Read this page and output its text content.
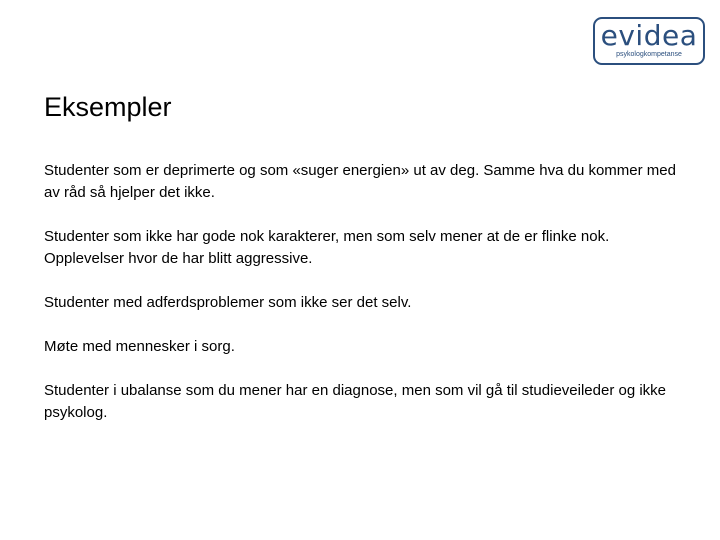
evidea
psykologkompetanse
Eksempler

Studenter som er deprimerte og som «suger energien» ut av deg. Samme hva du kommer med av råd så hjelper det ikke.

Studenter som ikke har gode nok karakterer, men som selv mener at de er flinke nok. Opplevelser hvor de har blitt aggressive.

Studenter med adferdsproblemer som ikke ser det selv.

Møte med mennesker i sorg.

Studenter i ubalanse som du mener har en diagnose, men som vil gå til studieveileder og ikke psykolog.
